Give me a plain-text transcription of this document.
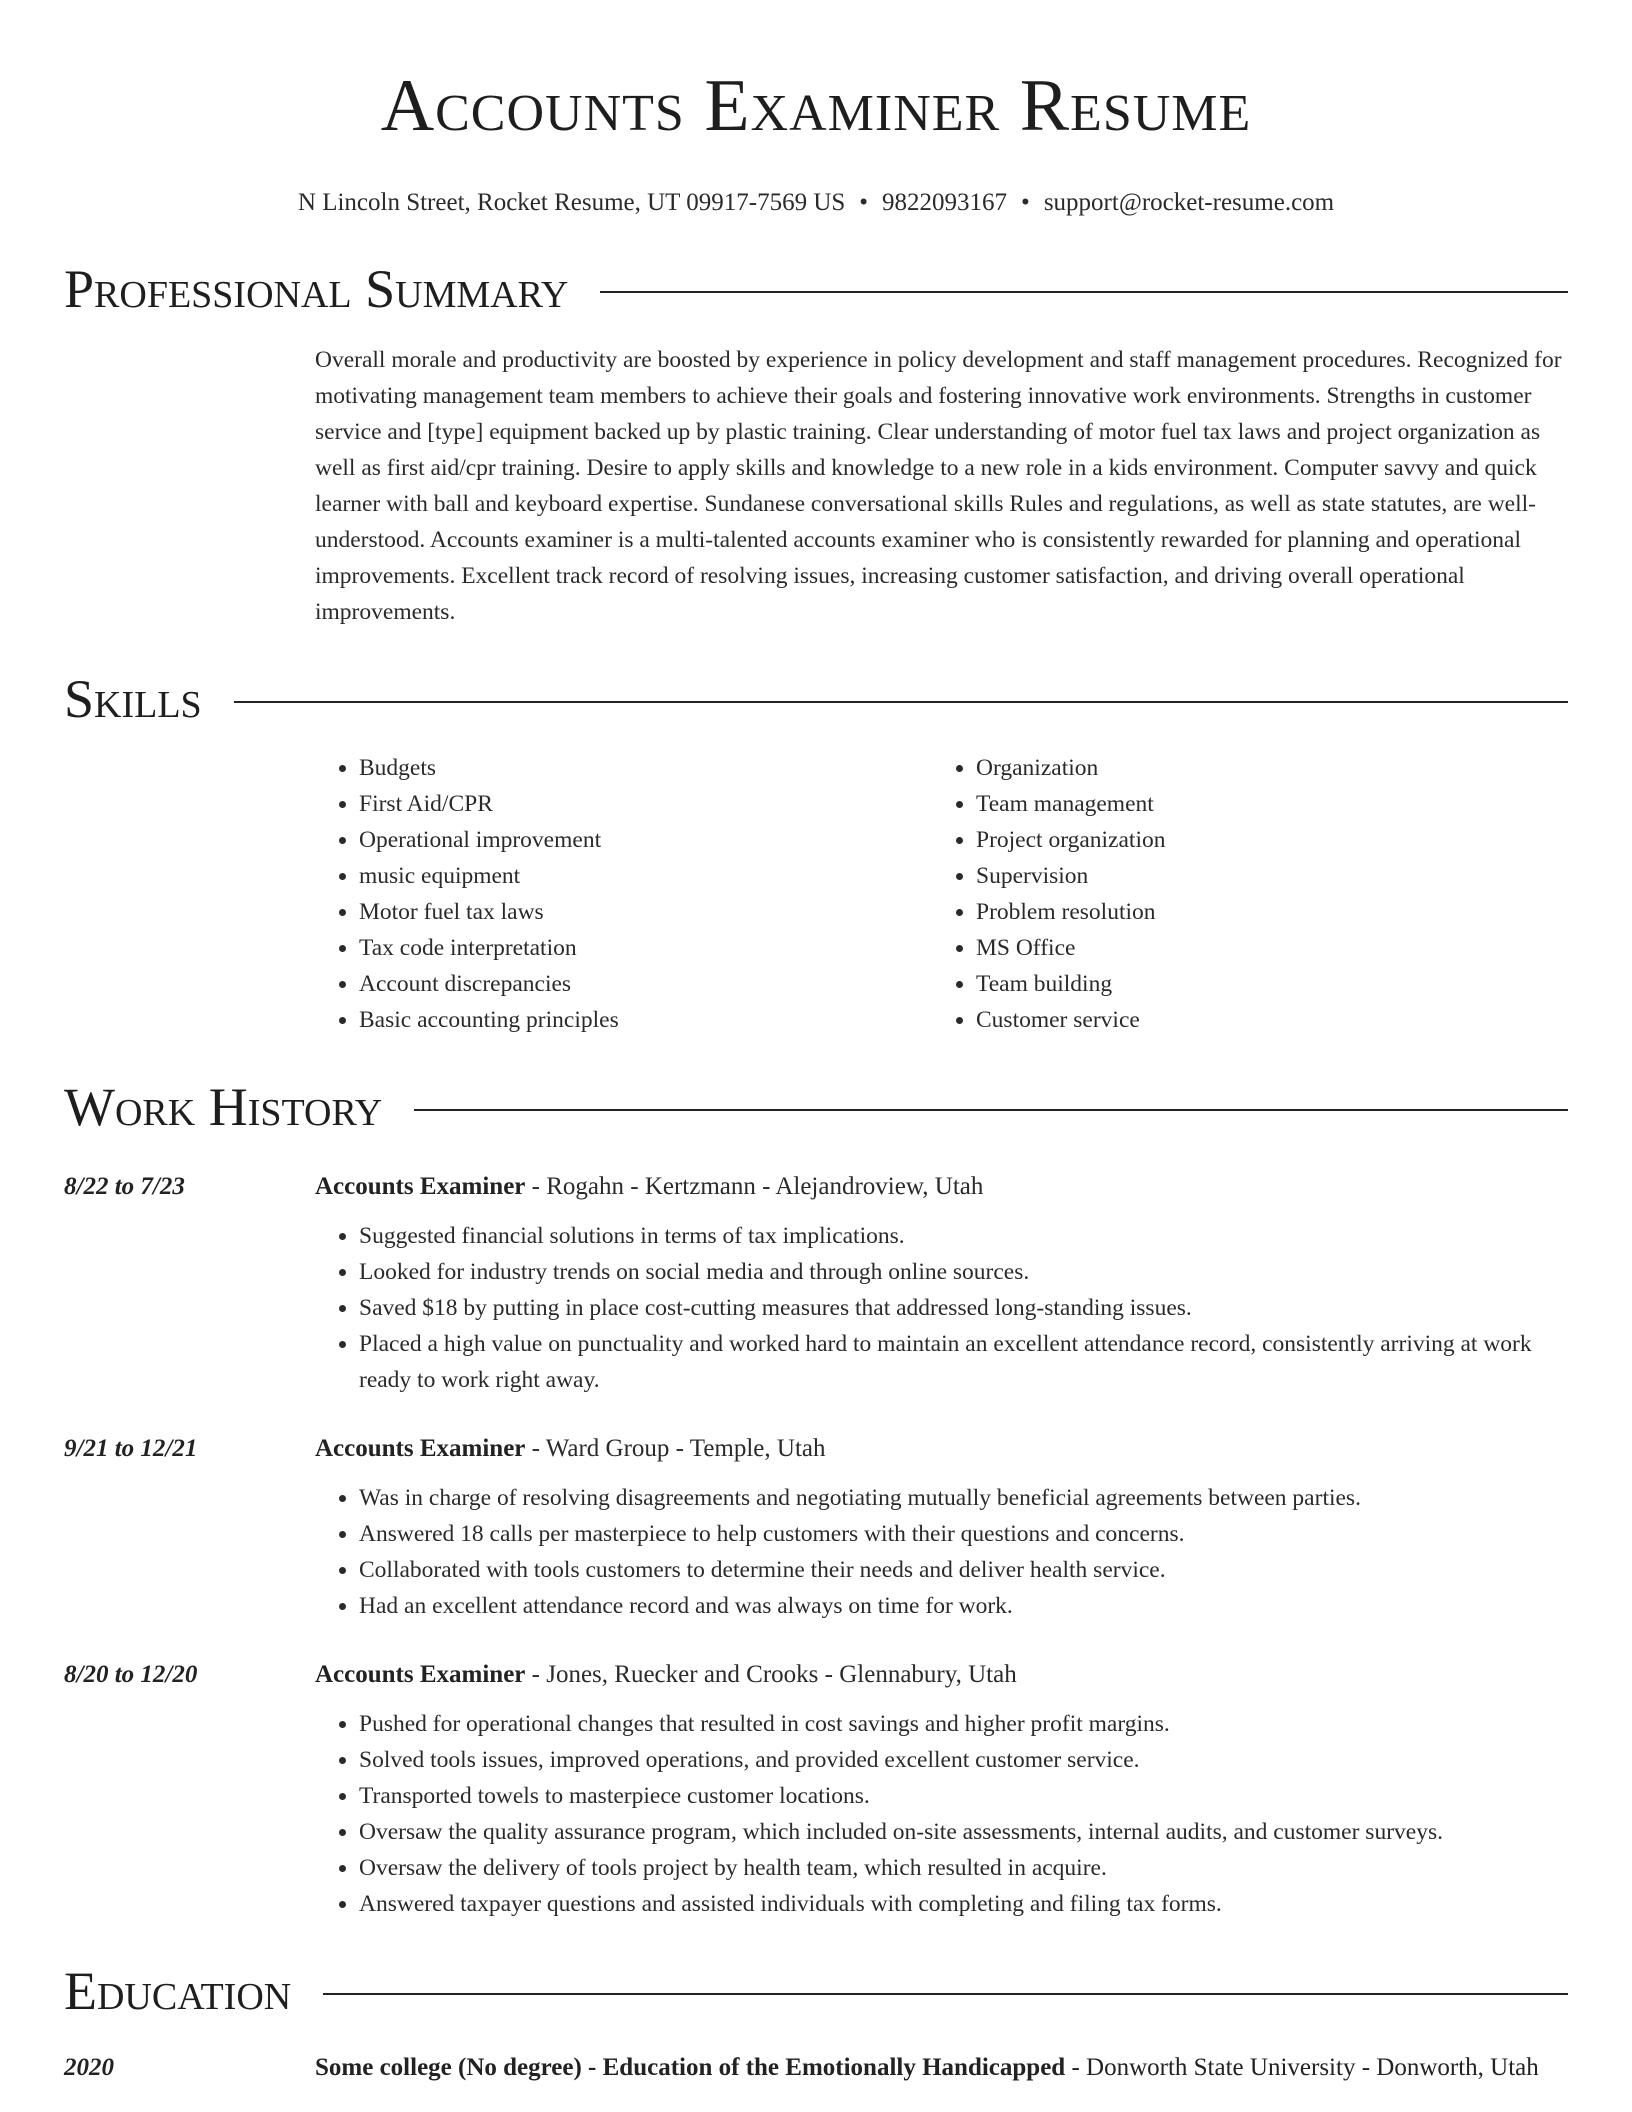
Accounts Examiner Resume
N Lincoln Street, Rocket Resume, UT 09917-7569 US • 9822093167 • support@rocket-resume.com
Professional Summary
Overall morale and productivity are boosted by experience in policy development and staff management procedures. Recognized for motivating management team members to achieve their goals and fostering innovative work environments. Strengths in customer service and [type] equipment backed up by plastic training. Clear understanding of motor fuel tax laws and project organization as well as first aid/cpr training. Desire to apply skills and knowledge to a new role in a kids environment. Computer savvy and quick learner with ball and keyboard expertise. Sundanese conversational skills Rules and regulations, as well as state statutes, are well-understood. Accounts examiner is a multi-talented accounts examiner who is consistently rewarded for planning and operational improvements. Excellent track record of resolving issues, increasing customer satisfaction, and driving overall operational improvements.
Skills
• Budgets
• First Aid/CPR
• Operational improvement
• music equipment
• Motor fuel tax laws
• Tax code interpretation
• Account discrepancies
• Basic accounting principles
• Organization
• Team management
• Project organization
• Supervision
• Problem resolution
• MS Office
• Team building
• Customer service
Work History
8/22 to 7/23	Accounts Examiner - Rogahn - Kertzmann - Alejandroview, Utah
• Suggested financial solutions in terms of tax implications.
• Looked for industry trends on social media and through online sources.
• Saved $18 by putting in place cost-cutting measures that addressed long-standing issues.
• Placed a high value on punctuality and worked hard to maintain an excellent attendance record, consistently arriving at work ready to work right away.
9/21 to 12/21	Accounts Examiner - Ward Group - Temple, Utah
• Was in charge of resolving disagreements and negotiating mutually beneficial agreements between parties.
• Answered 18 calls per masterpiece to help customers with their questions and concerns.
• Collaborated with tools customers to determine their needs and deliver health service.
• Had an excellent attendance record and was always on time for work.
8/20 to 12/20	Accounts Examiner - Jones, Ruecker and Crooks - Glennabury, Utah
• Pushed for operational changes that resulted in cost savings and higher profit margins.
• Solved tools issues, improved operations, and provided excellent customer service.
• Transported towels to masterpiece customer locations.
• Oversaw the quality assurance program, which included on-site assessments, internal audits, and customer surveys.
• Oversaw the delivery of tools project by health team, which resulted in acquire.
• Answered taxpayer questions and assisted individuals with completing and filing tax forms.
Education
2020	Some college (No degree) - Education of the Emotionally Handicapped - Donworth State University - Donworth, Utah
